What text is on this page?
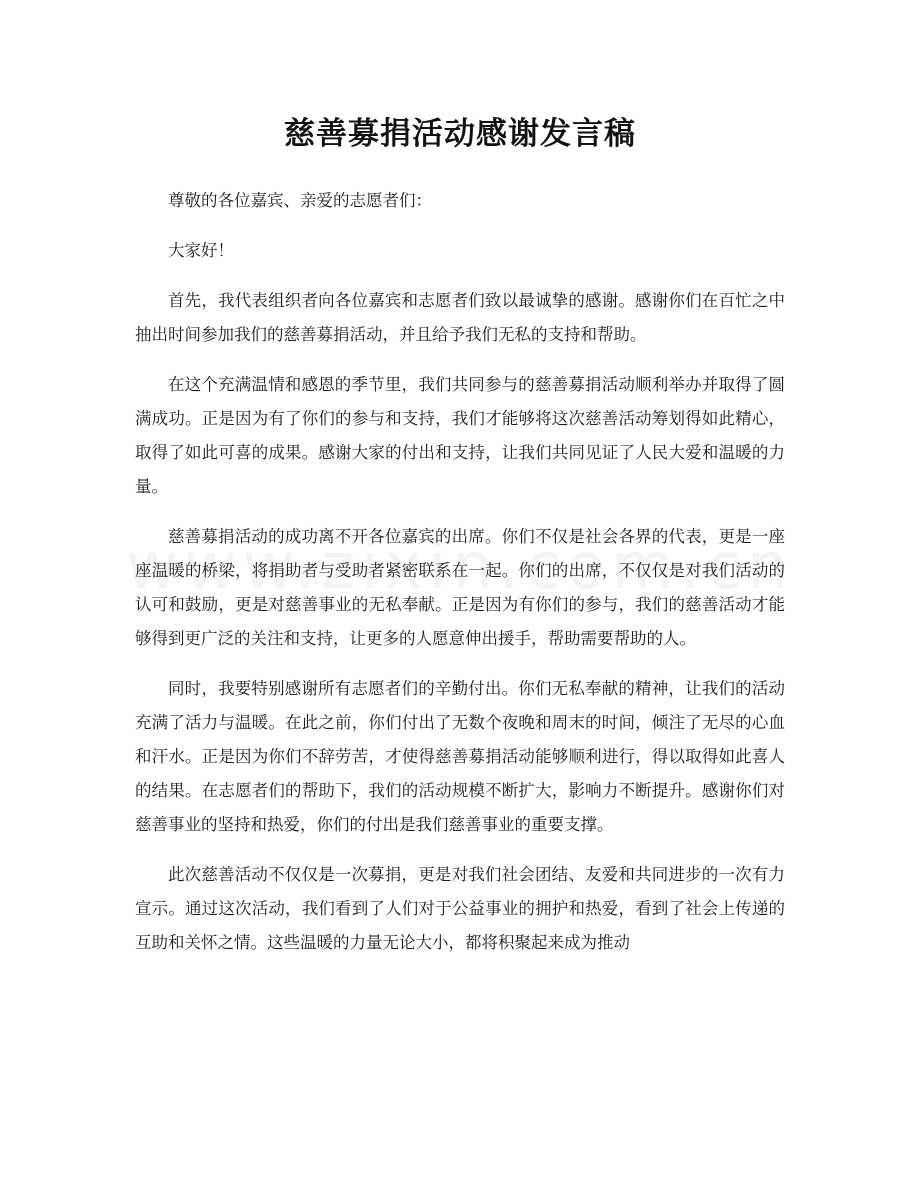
慈善募捐活动感谢发言稿

尊敬的各位嘉宾、亲爱的志愿者们：

大家好！

首先，我代表组织者向各位嘉宾和志愿者们致以最诚挚的感谢。感谢你们在百忙之中抽出时间参加我们的慈善募捐活动，并且给予我们无私的支持和帮助。

在这个充满温情和感恩的季节里，我们共同参与的慈善募捐活动顺利举办并取得了圆满成功。正是因为有了你们的参与和支持，我们才能够将这次慈善活动筹划得如此精心，取得了如此可喜的成果。感谢大家的付出和支持，让我们共同见证了人民大爱和温暖的力量。

慈善募捐活动的成功离不开各位嘉宾的出席。你们不仅是社会各界的代表，更是一座座温暖的桥梁，将捐助者与受助者紧密联系在一起。你们的出席，不仅仅是对我们活动的认可和鼓励，更是对慈善事业的无私奉献。正是因为有你们的参与，我们的慈善活动才能够得到更广泛的关注和支持，让更多的人愿意伸出援手，帮助需要帮助的人。

同时，我要特别感谢所有志愿者们的辛勤付出。你们无私奉献的精神，让我们的活动充满了活力与温暖。在此之前，你们付出了无数个夜晚和周末的时间，倾注了无尽的心血和汗水。正是因为你们不辞劳苦，才使得慈善募捐活动能够顺利进行，得以取得如此喜人的结果。在志愿者们的帮助下，我们的活动规模不断扩大，影响力不断提升。感谢你们对慈善事业的坚持和热爱，你们的付出是我们慈善事业的重要支撑。

此次慈善活动不仅仅是一次募捐，更是对我们社会团结、友爱和共同进步的一次有力宣示。通过这次活动，我们看到了人们对于公益事业的拥护和热爱，看到了社会上传递的互助和关怀之情。这些温暖的力量无论大小，都将积聚起来成为推动
